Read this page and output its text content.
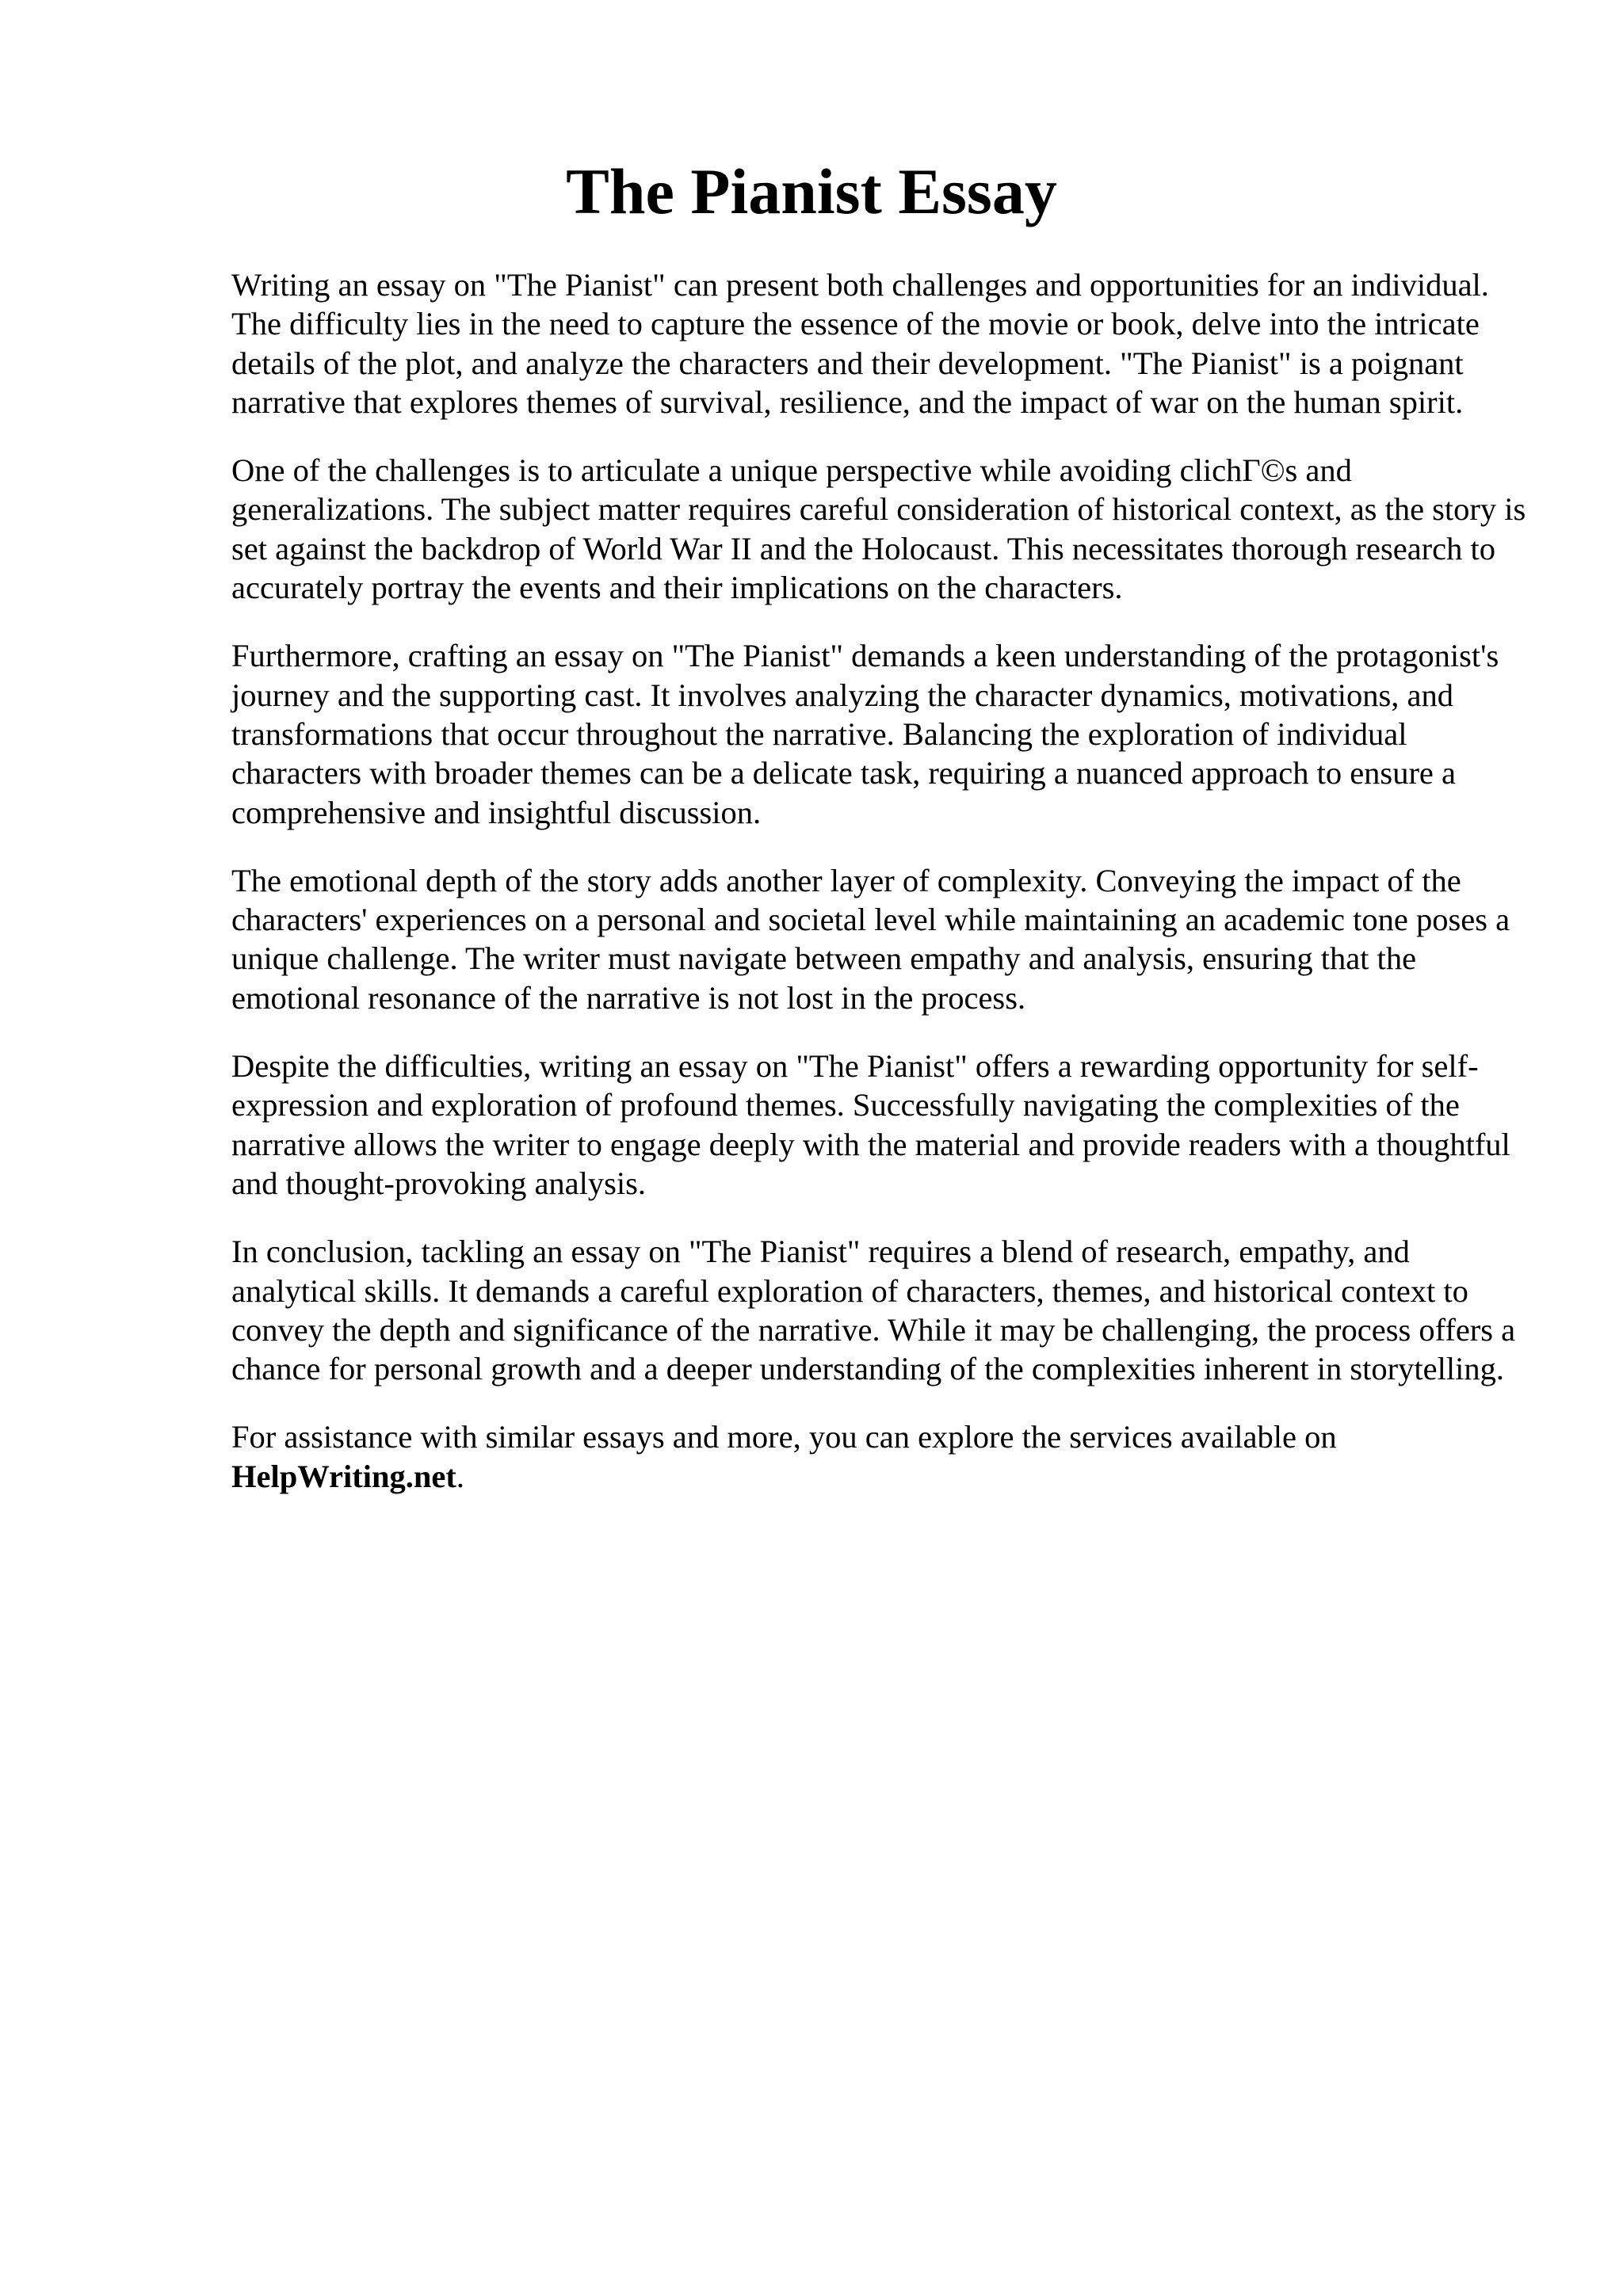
The Pianist Essay

Writing an essay on "The Pianist" can present both challenges and opportunities for an individual. The difficulty lies in the need to capture the essence of the movie or book, delve into the intricate details of the plot, and analyze the characters and their development. "The Pianist" is a poignant narrative that explores themes of survival, resilience, and the impact of war on the human spirit.

One of the challenges is to articulate a unique perspective while avoiding clichΓ©s and generalizations. The subject matter requires careful consideration of historical context, as the story is set against the backdrop of World War II and the Holocaust. This necessitates thorough research to accurately portray the events and their implications on the characters.

Furthermore, crafting an essay on "The Pianist" demands a keen understanding of the protagonist's journey and the supporting cast. It involves analyzing the character dynamics, motivations, and transformations that occur throughout the narrative. Balancing the exploration of individual characters with broader themes can be a delicate task, requiring a nuanced approach to ensure a comprehensive and insightful discussion.

The emotional depth of the story adds another layer of complexity. Conveying the impact of the characters' experiences on a personal and societal level while maintaining an academic tone poses a unique challenge. The writer must navigate between empathy and analysis, ensuring that the emotional resonance of the narrative is not lost in the process.

Despite the difficulties, writing an essay on "The Pianist" offers a rewarding opportunity for self-expression and exploration of profound themes. Successfully navigating the complexities of the narrative allows the writer to engage deeply with the material and provide readers with a thoughtful and thought-provoking analysis.

In conclusion, tackling an essay on "The Pianist" requires a blend of research, empathy, and analytical skills. It demands a careful exploration of characters, themes, and historical context to convey the depth and significance of the narrative. While it may be challenging, the process offers a chance for personal growth and a deeper understanding of the complexities inherent in storytelling.

For assistance with similar essays and more, you can explore the services available on
HelpWriting.net.
